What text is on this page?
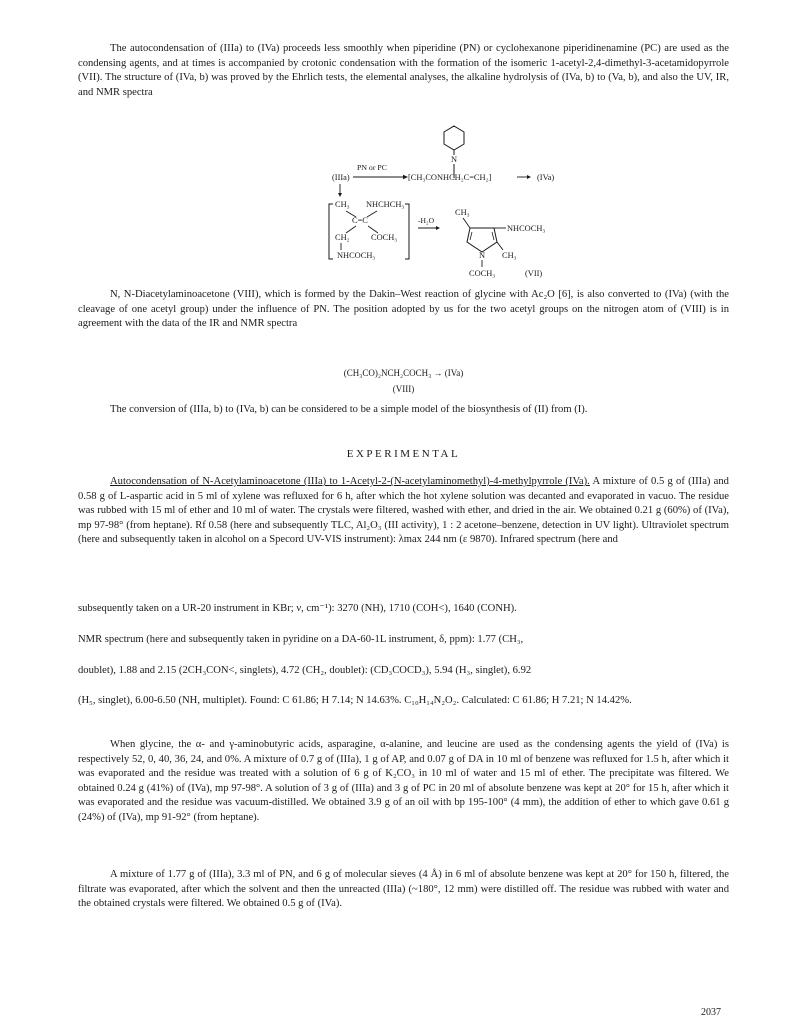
The autocondensation of (IIIa) to (IVa) proceeds less smoothly when piperidine (PN) or cyclohexanone piperidinenamine (PC) are used as the condensing agents, and at times is accompanied by crotonic condensation with the formation of the isomeric 1-acetyl-2,4-dimethyl-3-acetamidopyrrole (VII). The structure of (IVa, b) was proved by the Ehrlich tests, the elemental analyses, the alkaline hydrolysis of (IVa, b) to (Va, b), and also the UV, IR, and NMR spectra

N
(IIIa)
PN or PC
[CH₃CONHCH₂C=CH₂]	(IVa)
CH₃ NHCHCH₃
C=C
CH₂	COCH₃
NHCOCH₃
-H₂O
CH₃
NHCOCH₃
N CH₃
COCH₃	(VII)

N, N-Diacetylaminoacetone (VIII), which is formed by the Dakin–West reaction of glycine with Ac₂O [6], is also converted to (IVa) (with the cleavage of one acetyl group) under the influence of PN. The position adopted by us for the two acetyl groups on the nitrogen atom of (VIII) is in agreement with the data of the IR and NMR spectra

(CH₃CO)₂NCH₂COCH₃ → (IVa)
(VIII)

The conversion of (IIIa, b) to (IVa, b) can be considered to be a simple model of the biosynthesis of (II) from (I).

EXPERIMENTAL

Autocondensation of N-Acetylaminoacetone (IIIa) to 1-Acetyl-2-(N-acetylaminomethyl)-4-methylpyrrole (IVa). A mixture of 0.5 g of (IIIa) and 0.58 g of L-aspartic acid in 5 ml of xylene was refluxed for 6 h, after which the hot xylene solution was decanted and evaporated in vacuo. The residue was rubbed with 15 ml of ether and 10 ml of water. The crystals were filtered, washed with ether, and dried in the air. We obtained 0.21 g (60%) of (IVa), mp 97-98° (from heptane). Rf 0.58 (here and subsequently TLC, Al₂O₃ (III activity), 1 : 2 acetone–benzene, detection in UV light). Ultraviolet spectrum (here and subsequently taken in alcohol on a Specord UV-VIS instrument): λmax 244 nm (ε 9870). Infrared spectrum (here and

subsequently taken on a UR-20 instrument in KBr; ν, cm⁻¹): 3270 (NH), 1710 (COH<), 1640 (CONH).
NMR spectrum (here and subsequently taken in pyridine on a DA-60-1L instrument, δ, ppm): 1.77 (CH₃,
doublet), 1.88 and 2.15 (2CH₃CON<, singlets), 4.72 (CH₂, doublet): (CD₃COCD₃), 5.94 (H₃, singlet), 6.92

(H₅, singlet), 6.00-6.50 (NH, multiplet). Found: C 61.86; H 7.14; N 14.63%. C₁₀H₁₄N₂O₂. Calculated: C 61.86; H 7.21; N 14.42%.

When glycine, the α- and γ-aminobutyric acids, asparagine, α-alanine, and leucine are used as the condensing agents the yield of (IVa) is respectively 52, 0, 40, 36, 24, and 0%. A mixture of 0.7 g of (IIIa), 1 g of AP, and 0.07 g of DA in 10 ml of benzene was refluxed for 1.5 h, after which it was evaporated and the residue was treated with a solution of 6 g of K₂CO₃ in 10 ml of water and 15 ml of ether. The precipitate was filtered. We obtained 0.24 g (41%) of (IVa), mp 97-98°. A solution of 3 g of (IIIa) and 3 g of PC in 20 ml of absolute benzene was kept at 20° for 15 h, after which it was evaporated and the residue was vacuum-distilled. We obtained 3.9 g of an oil with bp 195-100° (4 mm), the addition of ether to which gave 0.61 g (24%) of (IVa), mp 91-92° (from heptane).

A mixture of 1.77 g of (IIIa), 3.3 ml of PN, and 6 g of molecular sieves (4 Å) in 6 ml of absolute benzene was kept at 20° for 150 h, filtered, the filtrate was evaporated, after which the solvent and then the unreacted (IIIa) (~180°, 12 mm) were distilled off. The residue was rubbed with water and the obtained crystals were filtered. We obtained 0.5 g of (IVa).

2037
